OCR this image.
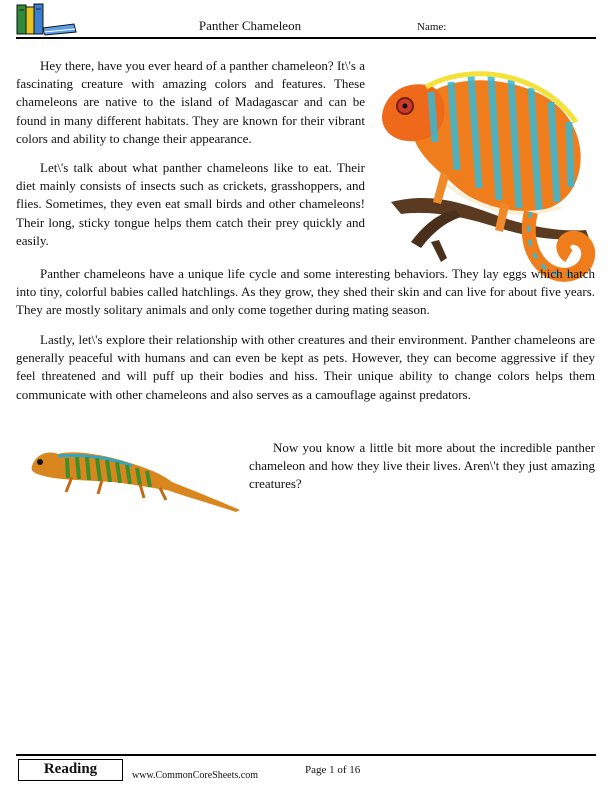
Panther Chameleon	Name:

Hey there, have you ever heard of a panther chameleon? It\'s a fascinating creature with amazing colors and features. These chameleons are native to the island of Madagascar and can be found in many different habitats. They are known for their vibrant colors and ability to change their appearance.

Let\'s talk about what panther chameleons like to eat. Their diet mainly consists of insects such as crickets, grasshoppers, and flies. Sometimes, they even eat small birds and other chameleons! Their long, sticky tongue helps them catch their prey quickly and easily.

Panther chameleons have a unique life cycle and some interesting behaviors. They lay eggs which hatch into tiny, colorful babies called hatchlings. As they grow, they shed their skin and can live for about five years. They are mostly solitary animals and only come together during mating season.

Lastly, let\'s explore their relationship with other creatures and their environment. Panther chameleons are generally peaceful with humans and can even be kept as pets. However, they can become aggressive if they feel threatened and will puff up their bodies and hiss. Their unique ability to change colors helps them communicate with other chameleons and also serves as a camouflage against predators.

Now you know a little bit more about the incredible panther chameleon and how they live their lives. Aren\'t they just amazing creatures?

Reading	www.CommonCoreSheets.com	Page 1 of 16
